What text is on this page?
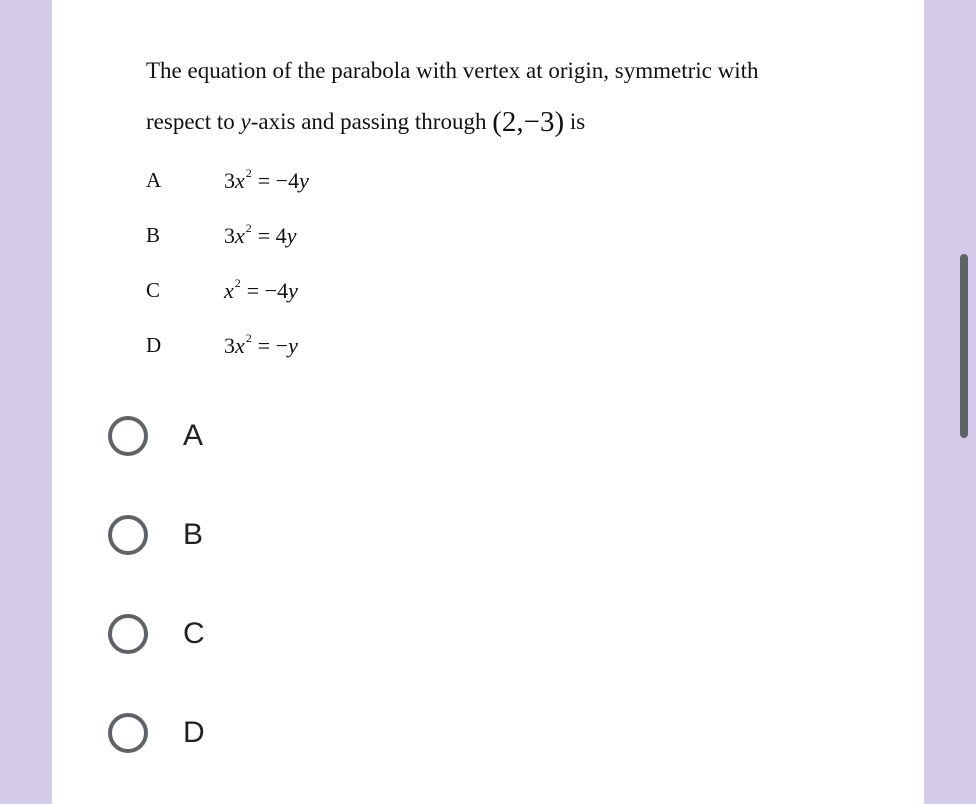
The equation of the parabola with vertex at origin, symmetric with
respect to y-axis and passing through (2,−3) is
A	$3x^2 = -4y$
B	$3x^2 = 4y$
C	$x^2 = -4y$
D	$3x^2 = -y$
A
B
C
D
